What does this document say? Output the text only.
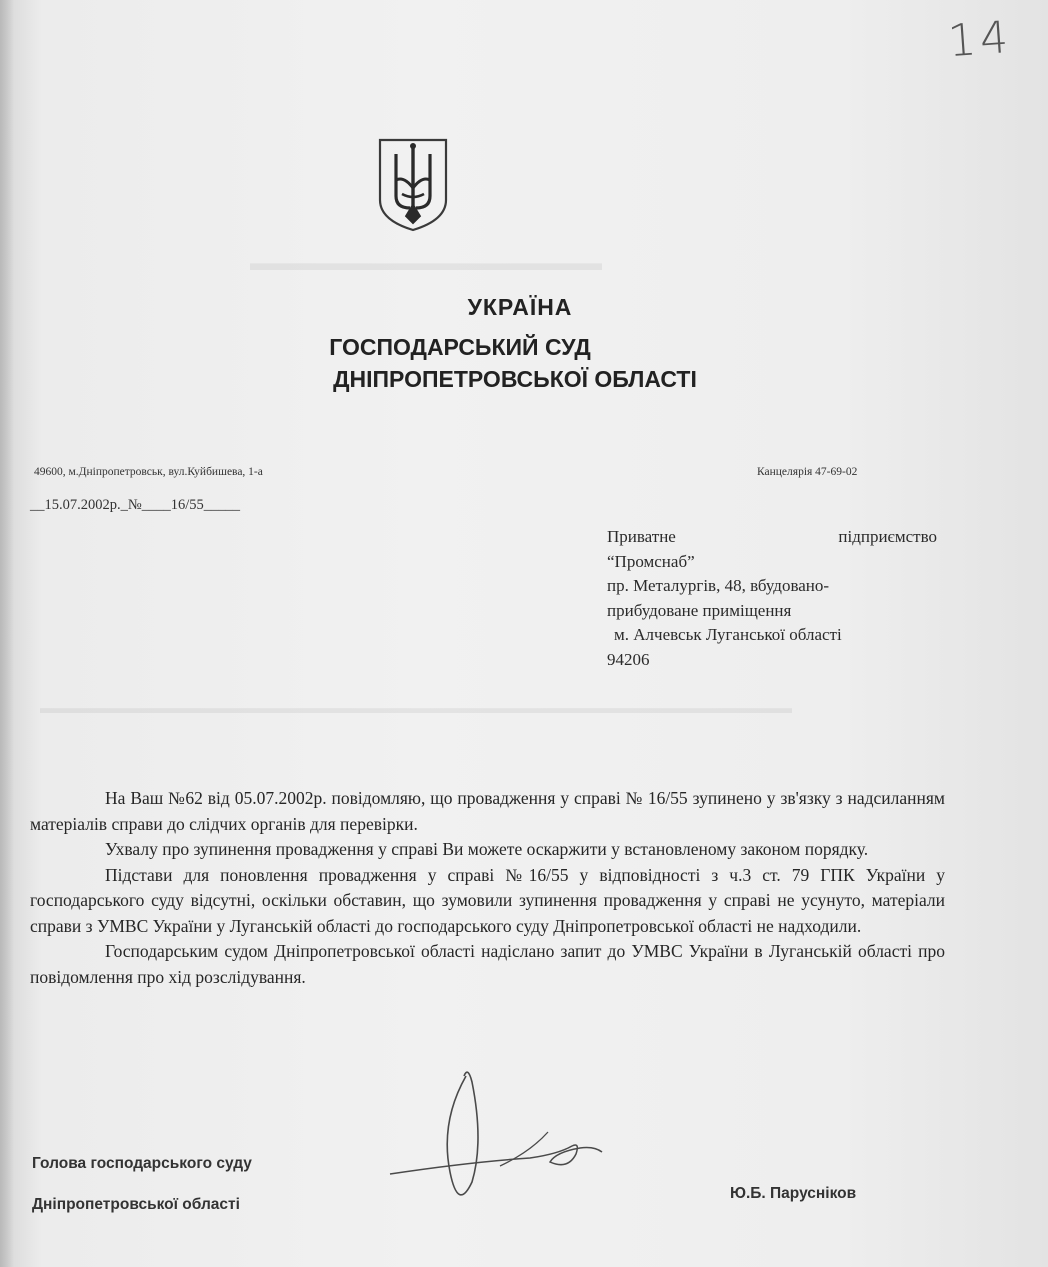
▬▬▬▬▬▬▬▬▬▬▬▬▬▬▬▬
▬▬▬▬▬▬▬▬▬▬▬▬▬▬▬▬▬▬▬▬▬▬▬▬▬▬▬▬▬▬▬▬▬▬▬▬▬▬▬▬▬▬▬▬▬▬▬
14
УКРАЇНА
ГОСПОДАРСЬКИЙ СУД
ДНІПРОПЕТРОВСЬКОЇ ОБЛАСТІ
49600, м.Дніпропетровськ, вул.Куйбишева, 1-а	Канцелярія 47-69-02
__15.07.2002р._№____16/55_____
Приватне	підприємство
“Промснаб”
пр. Металургів, 48, вбудовано-
прибудоване приміщення
м. Алчевськ Луганської області
94206

На Ваш №62 від 05.07.2002р. повідомляю, що провадження у справі № 16/55 зупинено у зв'язку з надсиланням матеріалів справи до слідчих органів для перевірки.

Ухвалу про зупинення провадження у справі Ви можете оскаржити у встановленому законом порядку.

Підстави для поновлення провадження у справі №16/55 у відповідності з ч.3 ст. 79 ГПК України у господарського суду відсутні, оскільки обставин, що зумовили зупинення провадження у справі не усунуто, матеріали справи з УМВС України у Луганській області до господарського суду Дніпропетровської області не надходили.

Господарським судом Дніпропетровської області надіслано запит до УМВС України в Луганській області про повідомлення про хід розслідування.

Голова господарського суду
Дніпропетровської області
Ю.Б. Паруснiков
